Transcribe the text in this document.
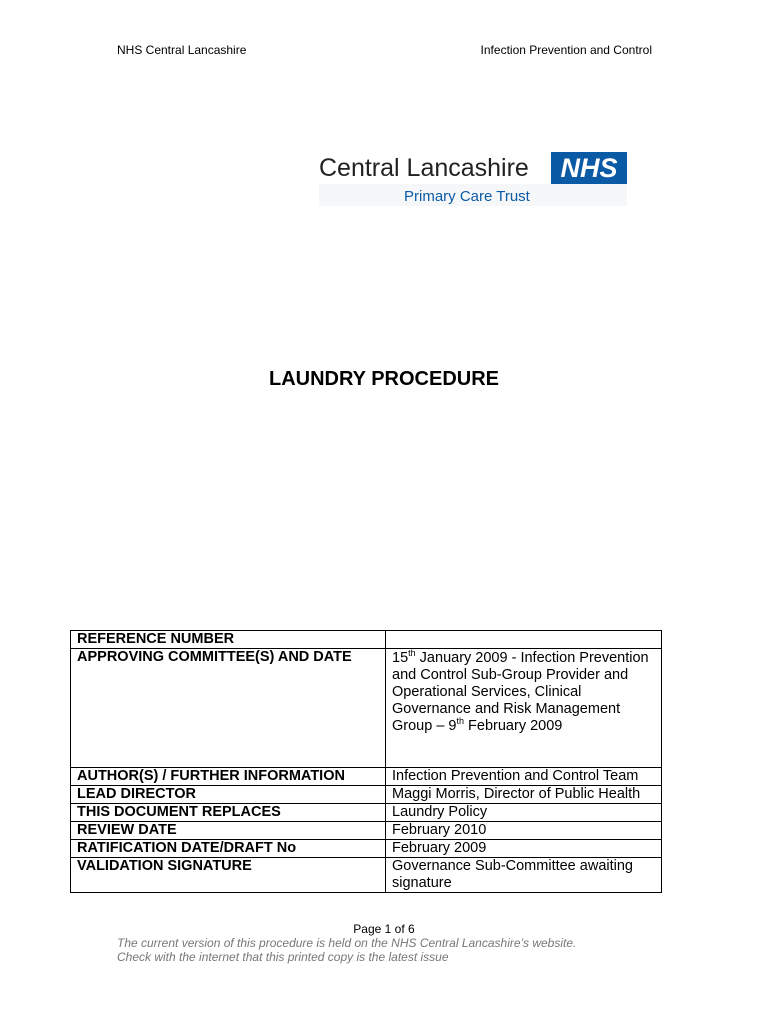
NHS Central Lancashire	Infection Prevention and Control
Central Lancashire	NHS
Primary Care Trust
LAUNDRY PROCEDURE
REFERENCE NUMBER	
APPROVING COMMITTEE(S) AND DATE	15th January 2009 - Infection Prevention and Control Sub-Group Provider and Operational Services, Clinical Governance and Risk Management Group – 9th February 2009
AUTHOR(S) / FURTHER INFORMATION	Infection Prevention and Control Team
LEAD DIRECTOR	Maggi Morris, Director of Public Health
THIS DOCUMENT REPLACES	Laundry Policy
REVIEW DATE	February 2010
RATIFICATION DATE/DRAFT No	February 2009
VALIDATION SIGNATURE	Governance Sub-Committee awaiting signature
Page 1 of 6
The current version of this procedure is held on the NHS Central Lancashire’s website.
Check with the internet that this printed copy is the latest issue
